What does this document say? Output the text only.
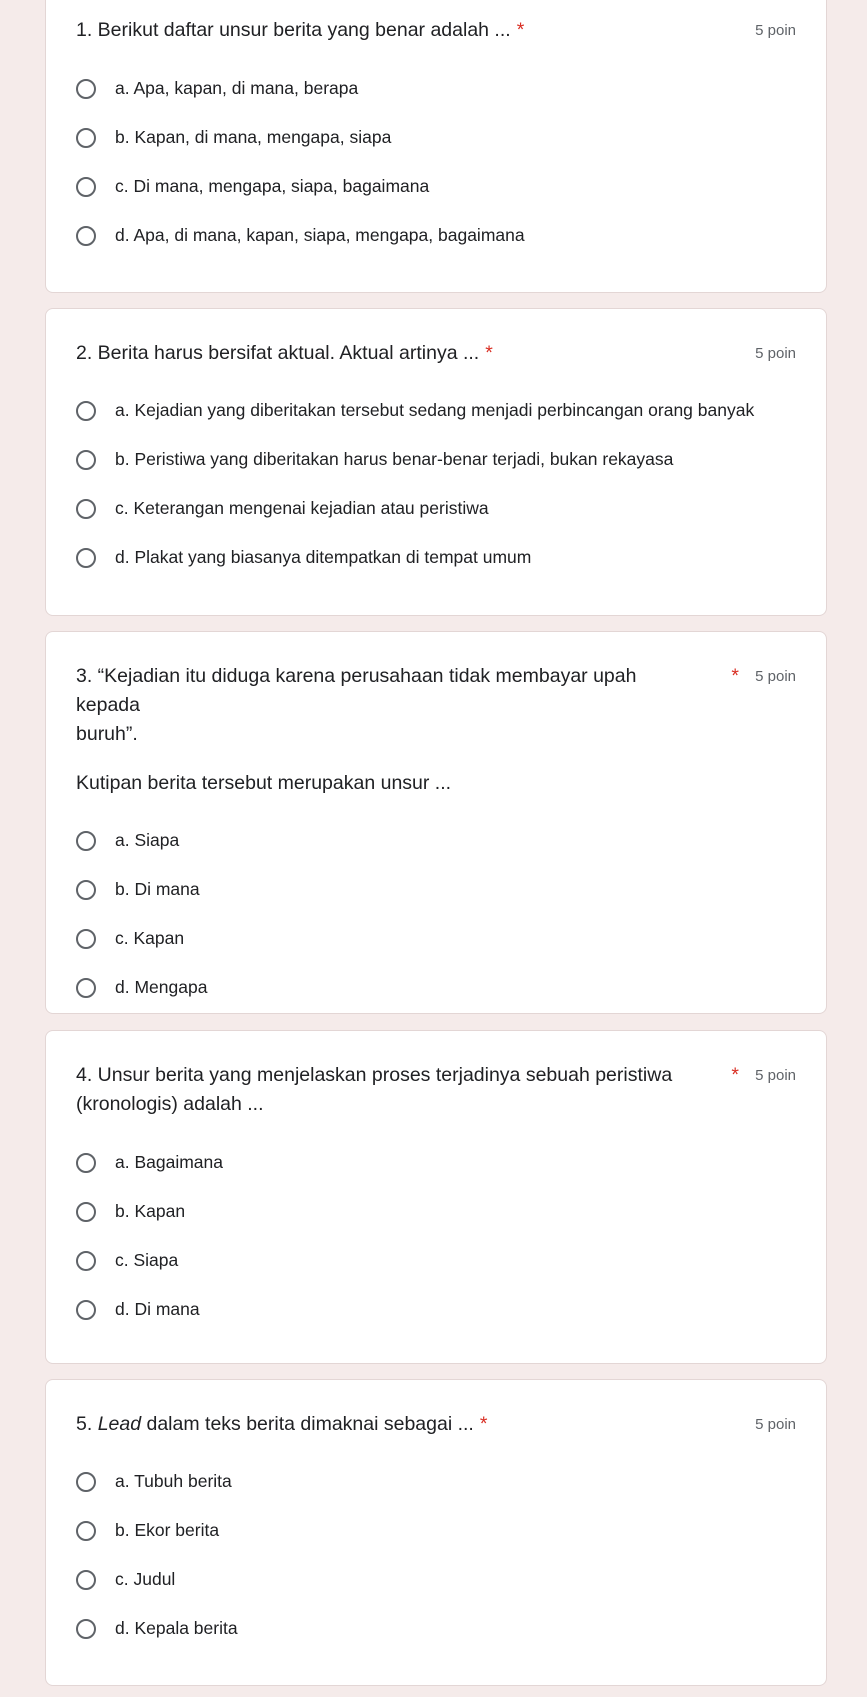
1. Berikut daftar unsur berita yang benar adalah ... *	5 poin
a. Apa, kapan, di mana, berapa
b. Kapan, di mana, mengapa, siapa
c. Di mana, mengapa, siapa, bagaimana
d. Apa, di mana, kapan, siapa, mengapa, bagaimana
2. Berita harus bersifat aktual. Aktual artinya ... *	5 poin
a. Kejadian yang diberitakan tersebut sedang menjadi perbincangan orang banyak
b. Peristiwa yang diberitakan harus benar-benar terjadi, bukan rekayasa
c. Keterangan mengenai kejadian atau peristiwa
d. Plakat yang biasanya ditempatkan di tempat umum
3. “Kejadian itu diduga karena perusahaan tidak membayar upah kepada
buruh”.
* 5 poin
Kutipan berita tersebut merupakan unsur ...
a. Siapa
b. Di mana
c. Kapan
d. Mengapa
4. Unsur berita yang menjelaskan proses terjadinya sebuah peristiwa
(kronologis) adalah ...
* 5 poin
a. Bagaimana
b. Kapan
c. Siapa
d. Di mana
5. Lead dalam teks berita dimaknai sebagai ... *	5 poin
a. Tubuh berita
b. Ekor berita
c. Judul
d. Kepala berita
